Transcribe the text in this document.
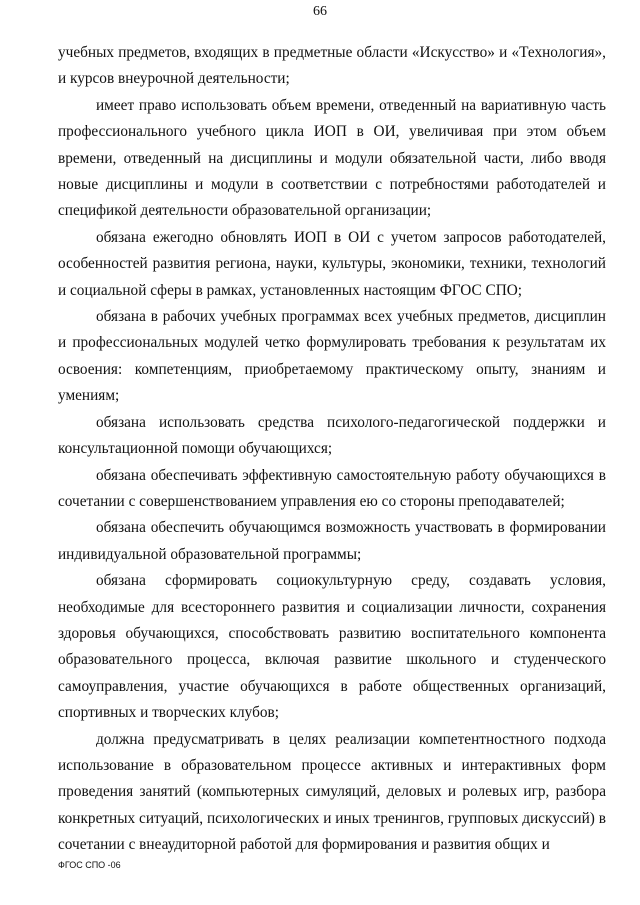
66

учебных предметов, входящих в предметные области «Искусство» и «Технология», и курсов внеурочной деятельности;

имеет право использовать объем времени, отведенный на вариативную часть профессионального учебного цикла ИОП в ОИ, увеличивая при этом объем времени, отведенный на дисциплины и модули обязательной части, либо вводя новые дисциплины и модули в соответствии с потребностями работодателей и спецификой деятельности образовательной организации;

обязана ежегодно обновлять ИОП в ОИ с учетом запросов работодателей, особенностей развития региона, науки, культуры, экономики, техники, технологий и социальной сферы в рамках, установленных настоящим ФГОС СПО;

обязана в рабочих учебных программах всех учебных предметов, дисциплин и профессиональных модулей четко формулировать требования к результатам их освоения: компетенциям, приобретаемому практическому опыту, знаниям и умениям;

обязана использовать средства психолого-педагогической поддержки и консультационной помощи обучающихся;

обязана обеспечивать эффективную самостоятельную работу обучающихся в сочетании с совершенствованием управления ею со стороны преподавателей;

обязана обеспечить обучающимся возможность участвовать в формировании индивидуальной образовательной программы;

обязана сформировать социокультурную среду, создавать условия, необходимые для всестороннего развития и социализации личности, сохранения здоровья обучающихся, способствовать развитию воспитательного компонента образовательного процесса, включая развитие школьного и студенческого самоуправления, участие обучающихся в работе общественных организаций, спортивных и творческих клубов;

должна предусматривать в целях реализации компетентностного подхода использование в образовательном процессе активных и интерактивных форм проведения занятий (компьютерных симуляций, деловых и ролевых игр, разбора конкретных ситуаций, психологических и иных тренингов, групповых дискуссий) в сочетании с внеаудиторной работой для формирования и развития общих и

ФГОС СПО -06
